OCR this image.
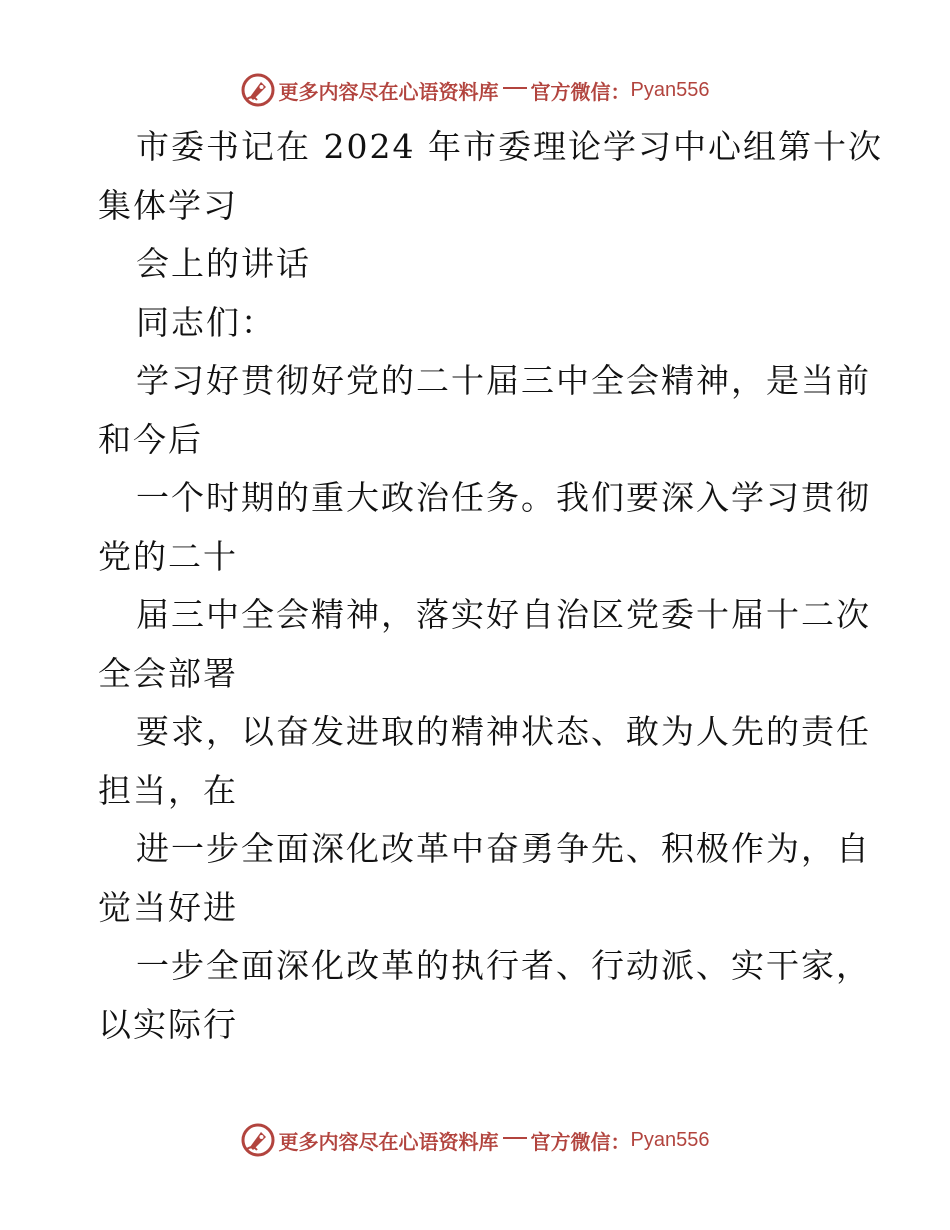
更多内容尽在心语资料库 官方微信： Pyan556
市委书记在 2024 年市委理论学习中心组第十次
集体学习
会上的讲话
同志们：
学习好贯彻好党的二十届三中全会精神，是当前
和今后
一个时期的重大政治任务。我们要深入学习贯彻
党的二十
届三中全会精神，落实好自治区党委十届十二次
全会部署
要求，以奋发进取的精神状态、敢为人先的责任
担当，在
进一步全面深化改革中奋勇争先、积极作为，自
觉当好进
一步全面深化改革的执行者、行动派、实干家，
以实际行
更多内容尽在心语资料库 官方微信： Pyan556
